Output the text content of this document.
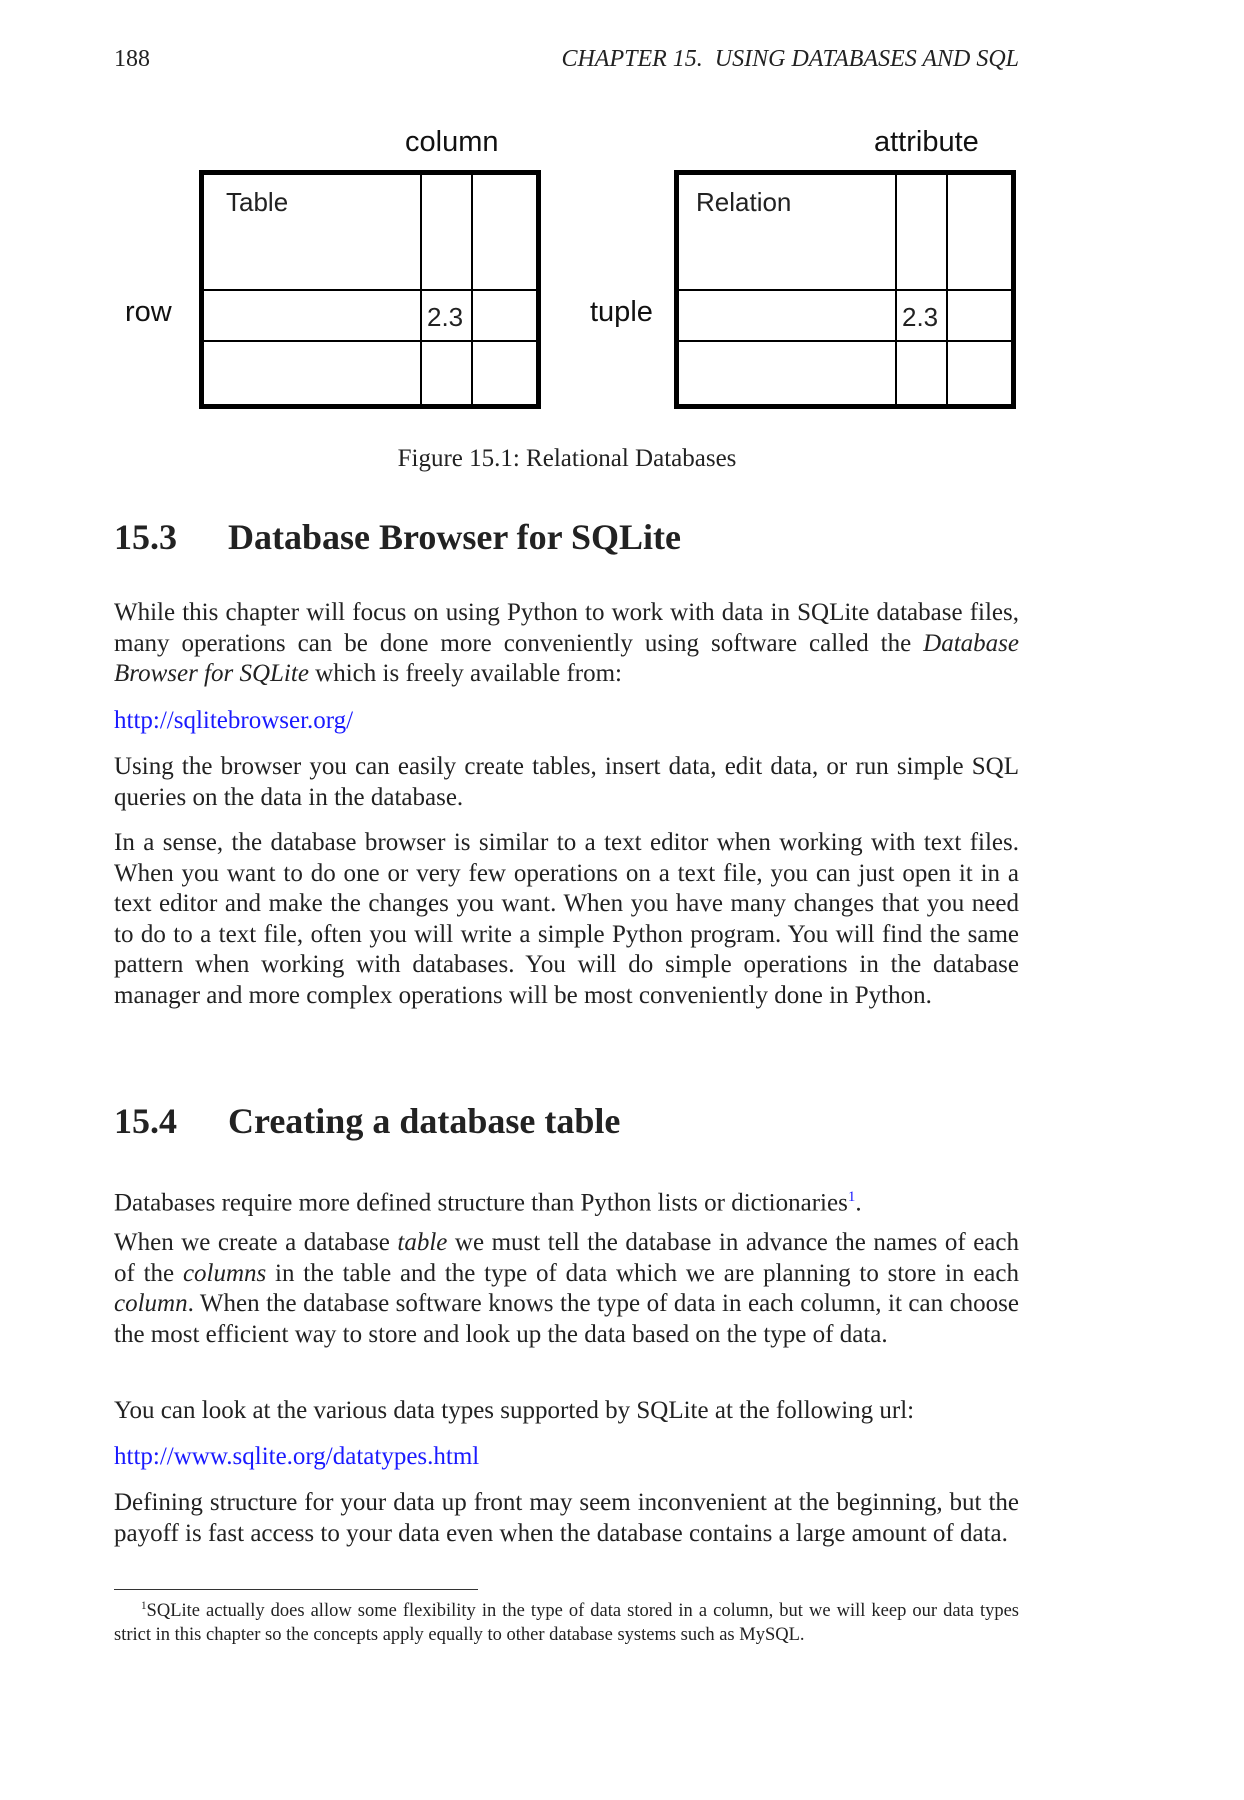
188	CHAPTER 15.  USING DATABASES AND SQL
column	attribute
row	tuple
Table
2.3
Relation
2.3
Figure 15.1: Relational Databases
15.3 Database Browser for SQLite

While this chapter will focus on using Python to work with data in SQLite database files, many operations can be done more conveniently using software called the Database Browser for SQLite which is freely available from:

http://sqlitebrowser.org/

Using the browser you can easily create tables, insert data, edit data, or run simple SQL queries on the data in the database.

In a sense, the database browser is similar to a text editor when working with text files. When you want to do one or very few operations on a text file, you can just open it in a text editor and make the changes you want. When you have many changes that you need to do to a text file, often you will write a simple Python program. You will find the same pattern when working with databases. You will do simple operations in the database manager and more complex operations will be most conveniently done in Python.

15.4 Creating a database table

Databases require more defined structure than Python lists or dictionaries$^1$.

When we create a database table we must tell the database in advance the names of each of the columns in the table and the type of data which we are planning to store in each column. When the database software knows the type of data in each column, it can choose the most efficient way to store and look up the data based on the type of data.

You can look at the various data types supported by SQLite at the following url:

http://www.sqlite.org/datatypes.html

Defining structure for your data up front may seem inconvenient at the beginning, but the payoff is fast access to your data even when the database contains a large amount of data.

$^1$SQLite actually does allow some flexibility in the type of data stored in a column, but we will keep our data types strict in this chapter so the concepts apply equally to other database systems such as MySQL.
